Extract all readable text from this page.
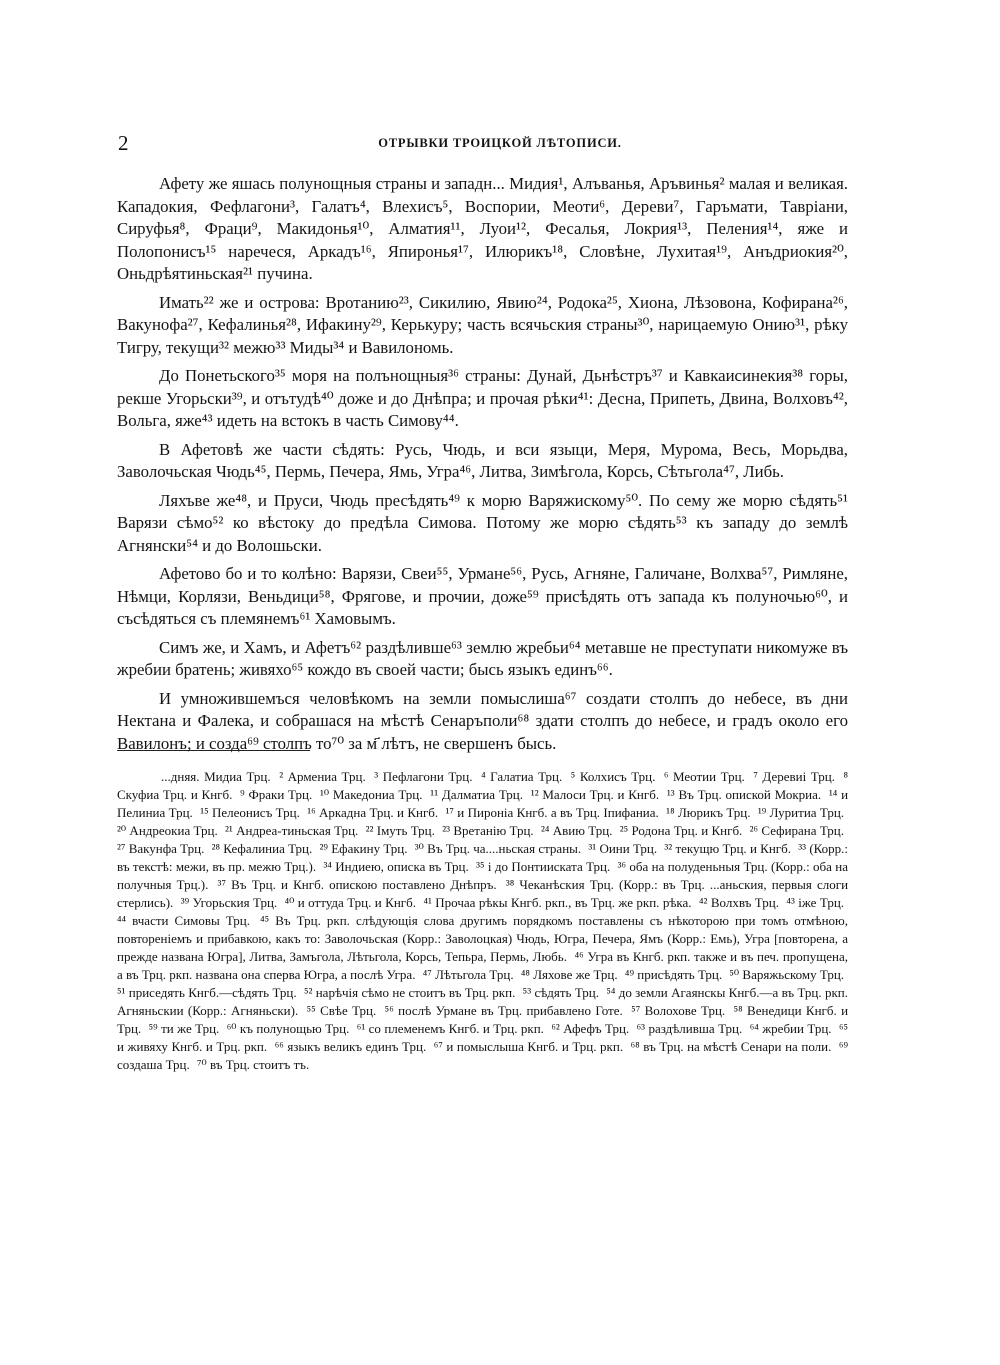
2	ОТРЫВКИ ТРОИЦКОЙ ЛѢТОПИСИ.

Афету же яшась полунощныя страны и западн... Мидия¹, Алъванья, Аръвинья² малая и великая. Кападокия, Фефлагони³, Галатъ⁴, Влехисъ⁵, Воспории, Меоти⁶, Дереви⁷, Гаръмати, Тавріани, Сируфья⁸, Фраци⁹, Макидонья¹⁰, Алматия¹¹, Луои¹², Фесалья, Локрия¹³, Пеления¹⁴, яже и Полопонисъ¹⁵ наречеся, Аркадъ¹⁶, Япиронья¹⁷, Илюрикъ¹⁸, Словѣне, Лухитая¹⁹, Анъдриокия²⁰, Оньдрѣятиньская²¹ пучина.

Имать²² же и острова: Вротанию²³, Сикилию, Явию²⁴, Родока²⁵, Хиона, Лѣзовона, Кофирана²⁶, Вакунофа²⁷, Кефалинья²⁸, Ифакину²⁹, Керькуру; часть всячьския страны³⁰, нарицаемую Онию³¹, рѣку Тигру, текущи³² межю³³ Миды³⁴ и Вавилономь.

До Понетьского³⁵ моря на полънощныя³⁶ страны: Дунай, Дьнѣстръ³⁷ и Кавкаисинекия³⁸ горы, рекше Угорьски³⁹, и отътудѣ⁴⁰ доже и до Днѣпра; и прочая рѣки⁴¹: Десна, Припеть, Двина, Волховъ⁴², Вольга, яже⁴³ идеть на встокъ в часть Симову⁴⁴.

В Афетовѣ же части сѣдять: Русь, Чюдь, и вси языци, Меря, Мурома, Весь, Морьдва, Заволочьская Чюдь⁴⁵, Пермь, Печера, Ямь, Угра⁴⁶, Литва, Зимѣгола, Корсь, Сѣтьгола⁴⁷, Либь.

Ляхъве же⁴⁸, и Пруси, Чюдь пресѣдять⁴⁹ к морю Варяжискому⁵⁰. По сему же морю сѣдять⁵¹ Варязи сѣмо⁵² ко вѣстоку до предѣла Симова. Потому же морю сѣдять⁵³ къ западу до землѣ Агнянски⁵⁴ и до Волошьски.

Афетово бо и то колѣно: Варязи, Свеи⁵⁵, Урмане⁵⁶, Русь, Агняне, Галичане, Волхва⁵⁷, Римляне, Нѣмци, Корлязи, Веньдици⁵⁸, Фрягове, и прочии, доже⁵⁹ присѣдять отъ запада къ полуночью⁶⁰, и съсѣдяться съ племянемъ⁶¹ Хамовымъ.

Симъ же, и Хамъ, и Афетъ⁶² раздѣливше⁶³ землю жребьи⁶⁴ метавше не преступати никомуже въ жребии братень; живяхо⁶⁵ кождо въ своей части; бысь языкъ единъ⁶⁶.

И умножившемъся человѣкомъ на земли помыслиша⁶⁷ создати столпъ до небесе, въ дни Нектана и Фалека, и собрашася на мѣстѣ Сенаръполи⁶⁸ здати столпъ до небесе, и градъ около его Вавилонъ; и созда⁶⁹ столпъ то⁷⁰ за м҃ лѣтъ, не свершенъ бысь.

...дняя. Мидиа Трц. ² Армениа Трц. ³ Пефлагони Трц. ⁴ Галатиа Трц. ⁵ Колхисъ Трц. ⁶ Меотии Трц. ⁷ Деревиі Трц. ⁸ Скуфиа Трц. и Кнгб. ⁹ Фраки Трц. ¹⁰ Македониа Трц. ¹¹ Далматиа Трц. ¹² Малоси Трц. и Кнгб. ¹³ Въ Трц. опиской Мокриа. ¹⁴ и Пелиниа Трц. ¹⁵ Пелеонисъ Трц. ¹⁶ Аркадна Трц. и Кнгб. ¹⁷ и Пироніа Кнгб. а въ Трц. Іпифаниа. ¹⁸ Люрикъ Трц. ¹⁹ Луритиа Трц. ²⁰ Андреокиа Трц. ²¹ Андреа-тиньская Трц. ²² Імуть Трц. ²³ Вретанію Трц. ²⁴ Авию Трц. ²⁵ Родона Трц. и Кнгб. ²⁶ Сефирана Трц. ²⁷ Вакунфа Трц. ²⁸ Кефалиниа Трц. ²⁹ Ефакину Трц. ³⁰ Въ Трц. ча....ньская страны. ³¹ Оини Трц. ³² текущю Трц. и Кнгб. ³³ (Корр.: въ текстѣ: межи, въ пр. межю Трц.). ³⁴ Индиею, описка въ Трц. ³⁵ і до Понтииската Трц. ³⁶ оба на полуденьныя Трц. (Корр.: оба на получныя Трц.). ³⁷ Въ Трц. и Кнгб. опискою поставлено Днѣпръ. ³⁸ Чеканѣския Трц. (Корр.: въ Трц. ...аньския, первыя слоги стерлись). ³⁹ Угорьския Трц. ⁴⁰ и оттуда Трц. и Кнгб. ⁴¹ Прочаа рѣкы Кнгб. ркп., въ Трц. же ркп. рѣка. ⁴² Волхвъ Трц. ⁴³ іже Трц. ⁴⁴ вчасти Симовы Трц. ⁴⁵ Въ Трц. ркп. слѣдующія слова другимъ порядкомъ поставлены съ нѣкоторою при томъ отмѣною, повтореніемъ и прибавкою, какъ то: Заволочьская (Корр.: Заволоцкая) Чюдь, Югра, Печера, Ямъ (Корр.: Емь), Угра [повторена, а прежде названа Югра], Литва, Замъгола, Лѣтьгола, Корсь, Тепьра, Пермь, Любь. ⁴⁶ Угра въ Кнгб. ркп. также и въ печ. пропущена, а въ Трц. ркп. названа она сперва Югра, а послѣ Угра. ⁴⁷ Лѣтьгола Трц. ⁴⁸ Ляхове же Трц. ⁴⁹ присѣдять Трц. ⁵⁰ Варяжьскому Трц. ⁵¹ приседять Кнгб.—сѣдять Трц. ⁵² нарѣчія сѣмо не стоитъ въ Трц. ркп. ⁵³ сѣдять Трц. ⁵⁴ до земли Агаянскы Кнгб.—а въ Трц. ркп. Агняньскии (Корр.: Агняньски). ⁵⁵ Свѣе Трц. ⁵⁶ послѣ Урмане въ Трц. прибавлено Готе. ⁵⁷ Волохове Трц. ⁵⁸ Венедици Кнгб. и Трц. ⁵⁹ ти же Трц. ⁶⁰ къ полунощью Трц. ⁶¹ со племенемъ Кнгб. и Трц. ркп. ⁶² Афефъ Трц. ⁶³ раздѣливша Трц. ⁶⁴ жребии Трц. ⁶⁵ и живяху Кнгб. и Трц. ркп. ⁶⁶ языкъ великъ единъ Трц. ⁶⁷ и помыслыша Кнгб. и Трц. ркп. ⁶⁸ въ Трц. на мѣстѣ Сенари на поли. ⁶⁹ создаша Трц. ⁷⁰ въ Трц. стоитъ тъ.
